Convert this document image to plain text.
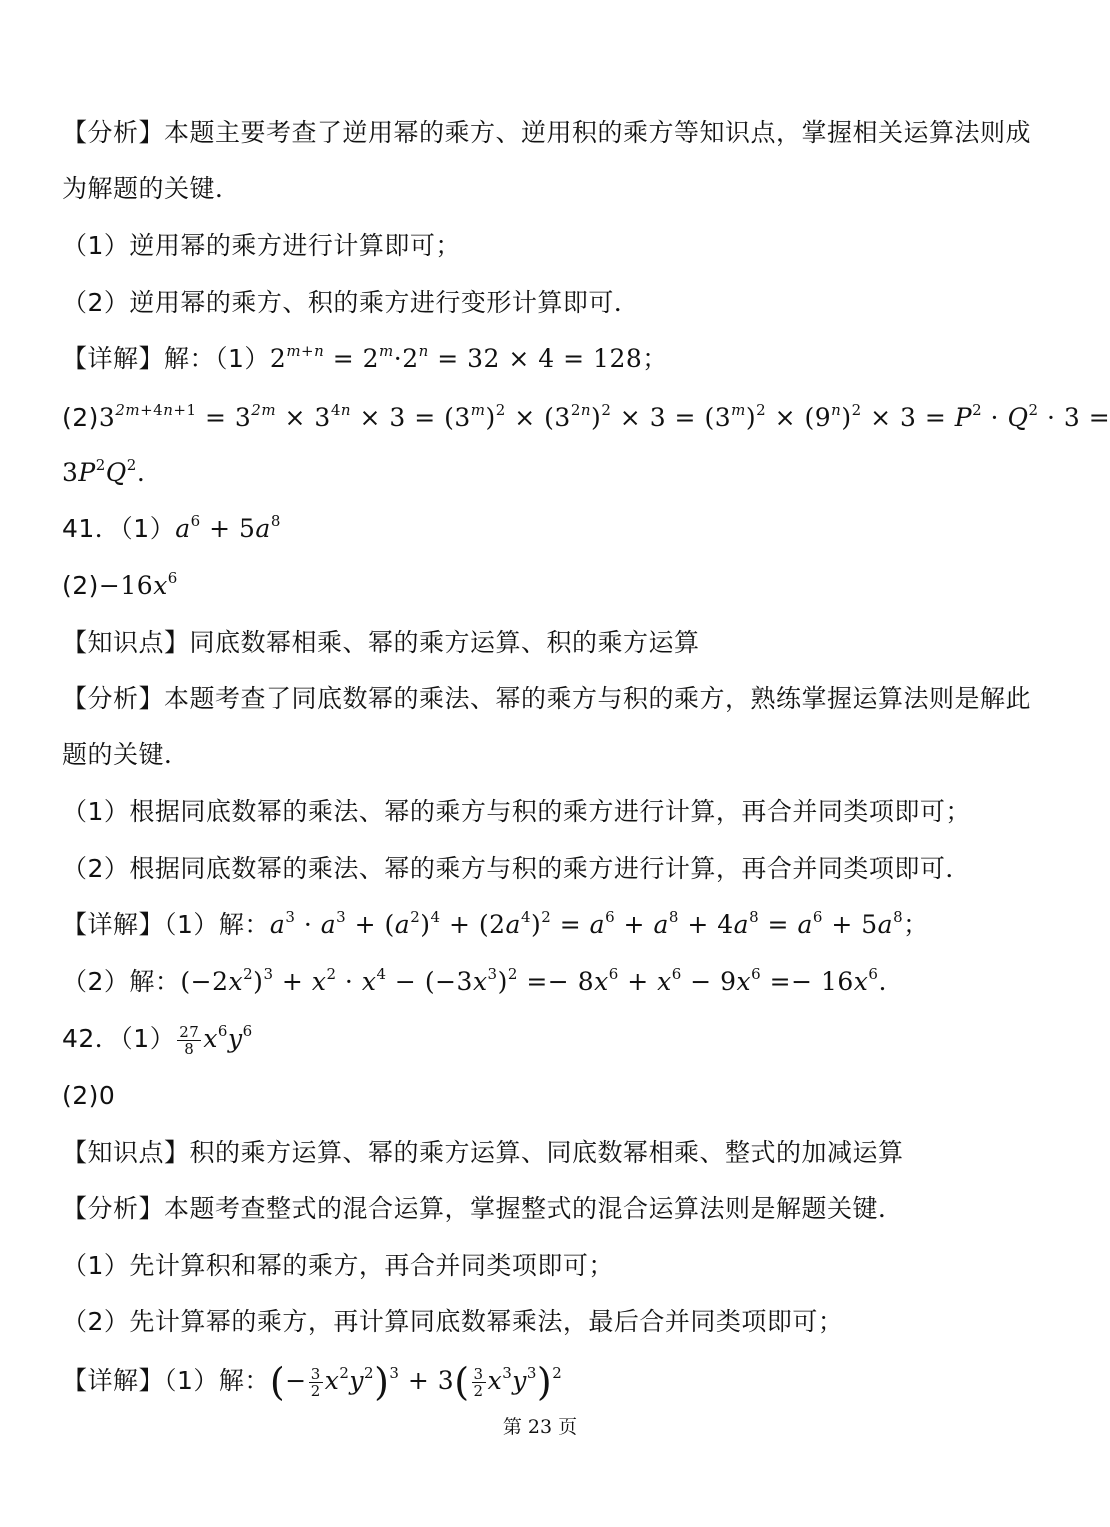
【分析】本题主要考查了逆用幂的乘方、逆用积的乘方等知识点，掌握相关运算法则成
为解题的关键．
（1）逆用幂的乘方进行计算即可；
（2）逆用幂的乘方、积的乘方进行变形计算即可．
【详解】解：$(1)2^{m+n} = 2^m\cdot 2^n = 32 \times 4 = 128$；
$(2)3^{2m+4n+1} = 3^{2m} \times 3^{4n} \times 3 = (3^m)^2 \times (3^{2n})^2 \times 3 = (3^m)^2 \times (9^n)^2 \times 3 = P^2 \cdot Q^2 \cdot 3$ =
$3P^2Q^2$.
41．$(1)a^6 + 5a^8$
$(2)-16x^6$
【知识点】同底数幂相乘、幂的乘方运算、积的乘方运算
【分析】本题考查了同底数幂的乘法、幂的乘方与积的乘方，熟练掌握运算法则是解此
题的关键．
（1）根据同底数幂的乘法、幂的乘方与积的乘方进行计算，再合并同类项即可；
（2）根据同底数幂的乘法、幂的乘方与积的乘方进行计算，再合并同类项即可．
【详解】（1）解：$a^3 \cdot a^3 + (a^2)^4 + (2a^4)^2 = a^6 + a^8 + 4a^8 = a^6 + 5a^8$；
（2）解：$(-2x^2)^3 + x^2 \cdot x^4 - (-3x^3)^2 =- 8x^6 + x^6 - 9x^6 =- 16x^6$.
42．$(1) \frac{27}{8} x^6y^6$
(2)0
【知识点】积的乘方运算、幂的乘方运算、同底数幂相乘、整式的加减运算
【分析】本题考查整式的混合运算，掌握整式的混合运算法则是解题关键．
（1）先计算积和幂的乘方，再合并同类项即可；
（2）先计算幂的乘方，再计算同底数幂乘法，最后合并同类项即可；
【详解】（1）解：(− $\frac{3}{2} x^2y^2)^3 + 3( \frac{3}{2} x^3y^3)^2$
第 23 页
